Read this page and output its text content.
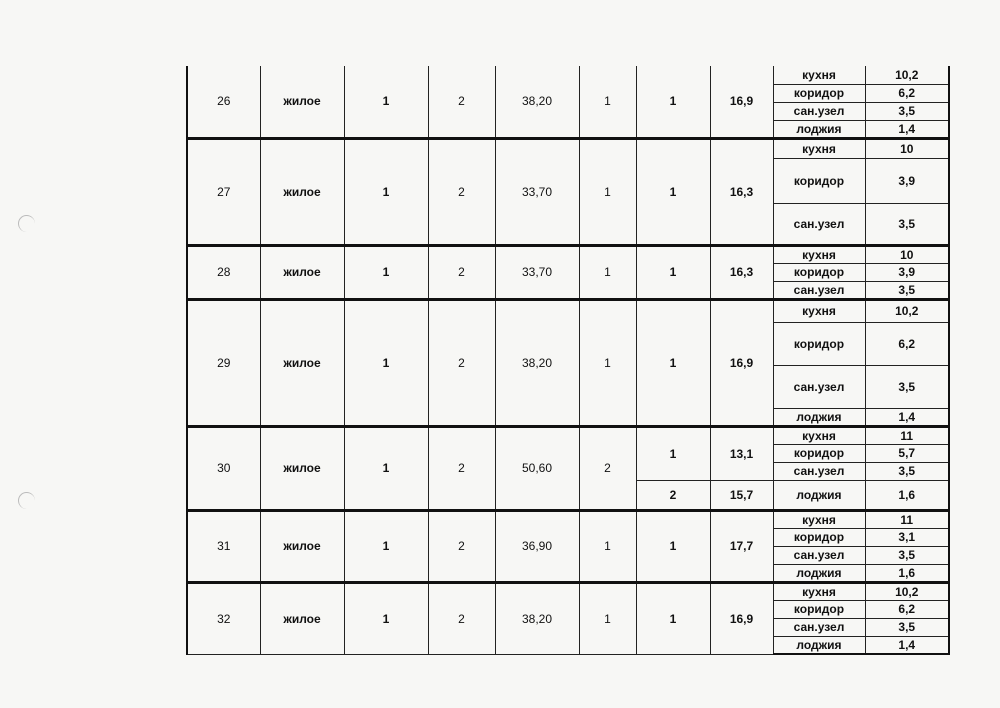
26	жилое	1	2	38,20	1	1	16,9	кухня	10,2
								коридор	6,2
								сан.узел	3,5
								лоджия	1,4
27	жилое	1	2	33,70	1	1	16,3	кухня	10
								коридор	3,9
								сан.узел	3,5
28	жилое	1	2	33,70	1	1	16,3	кухня	10
								коридор	3,9
								сан.узел	3,5
29	жилое	1	2	38,20	1	1	16,9	кухня	10,2
								коридор	6,2
								сан.узел	3,5
								лоджия	1,4
30	жилое	1	2	50,60	2	1	13,1	кухня	11
								коридор	5,7
								сан.узел	3,5
						2	15,7	лоджия	1,6
31	жилое	1	2	36,90	1	1	17,7	кухня	11
								коридор	3,1
								сан.узел	3,5
								лоджия	1,6
32	жилое	1	2	38,20	1	1	16,9	кухня	10,2
								коридор	6,2
								сан.узел	3,5
								лоджия	1,4
